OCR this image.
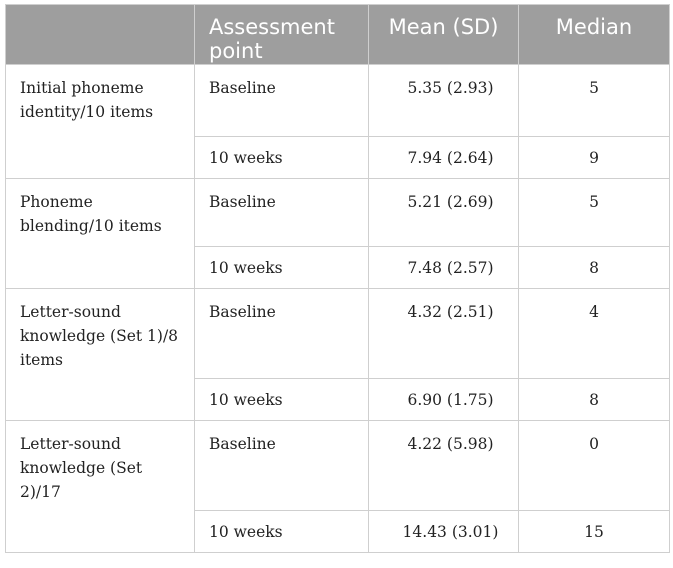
	Assessment point	Mean (SD)	Median
Initial phoneme identity/10 items	Baseline	5.35 (2.93)	5
	10 weeks	7.94 (2.64)	9
Phoneme blending/10 items	Baseline	5.21 (2.69)	5
	10 weeks	7.48 (2.57)	8
Letter-sound knowledge (Set 1)/8 items	Baseline	4.32 (2.51)	4
	10 weeks	6.90 (1.75)	8
Letter-sound knowledge (Set 2)/17	Baseline	4.22 (5.98)	0
	10 weeks	14.43 (3.01)	15
